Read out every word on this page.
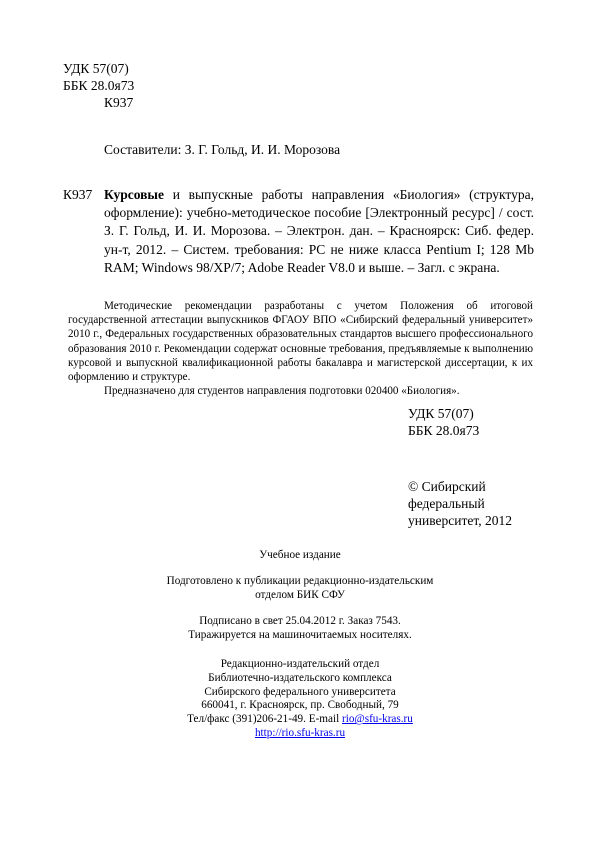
УДК 57(07)
ББК 28.0я73
К937
Составители: З. Г. Гольд, И. И. Морозова
К937 Курсовые и выпускные работы направления «Биология» (структура, оформление): учебно-методическое пособие [Электронный ресурс] / сост. З. Г. Гольд, И. И. Морозова. – Электрон. дан. – Красноярск: Сиб. федер. ун-т, 2012. – Систем. требования: PC не ниже класса Pentium I; 128 Mb RAM; Windows 98/XP/7; Adobe Reader V8.0 и выше. – Загл. с экрана.

Методические рекомендации разработаны с учетом Положения об итоговой государственной аттестации выпускников ФГАОУ ВПО «Сибирский федеральный университет» 2010 г., Федеральных государственных образовательных стандартов высшего профессионального образования 2010 г. Рекомендации содержат основные требования, предъявляемые к выполнению курсовой и выпускной квалификационной работы бакалавра и магистерской диссертации, к их оформлению и структуре.

Предназначено для студентов направления подготовки 020400 «Биология».

УДК 57(07)
ББК 28.0я73
© Сибирский
федеральный
университет, 2012
Учебное издание
Подготовлено к публикации редакционно-издательским
отделом БИК СФУ
Подписано в свет 25.04.2012 г. Заказ 7543.
Тиражируется на машиночитаемых носителях.
Редакционно-издательский отдел
Библиотечно-издательского комплекса
Сибирского федерального университета
660041, г. Красноярск, пр. Свободный, 79
Тел/факс (391)206-21-49. E-mail rio@sfu-kras.ru
http://rio.sfu-kras.ru
